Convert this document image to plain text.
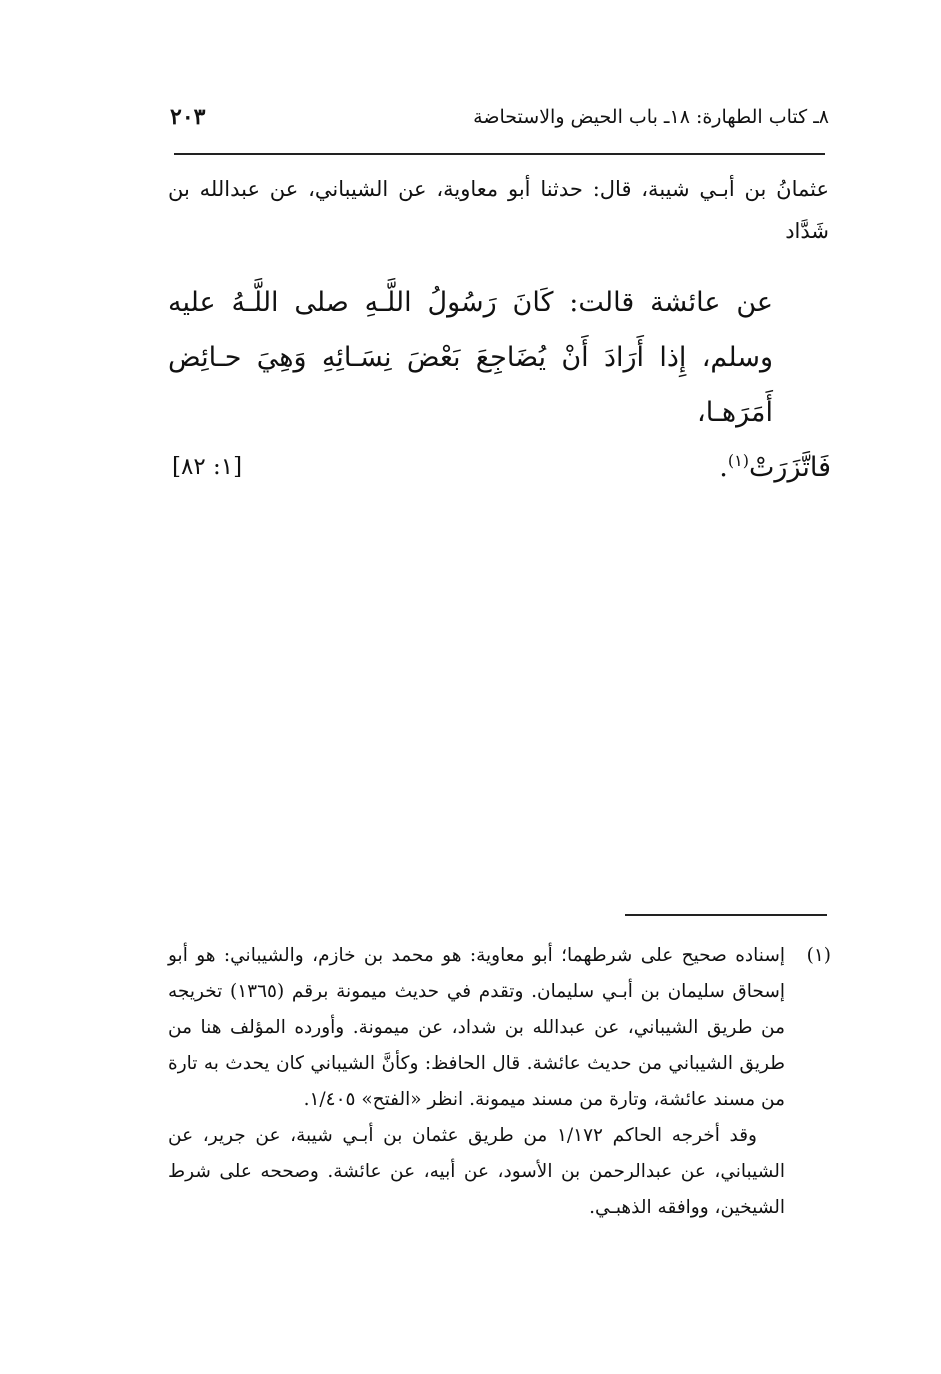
٨ـ كتاب الطهارة: ١٨ـ باب الحيض والاستحاضة
٢٠٣
عثمانُ بن أبـي شيبة، قال: حدثنا أبو معاوية، عن الشيباني، عن عبدالله بن شَدَّاد

عن عائشة قالت: كَانَ رَسُولُ اللَّـهِ صلى اللَّـهُ عليه وسلم، إِذا أَرَادَ أَنْ يُضَاجِعَ بَعْضَ نِسَـائِهِ وَهِيَ حـائِض أَمَرَهـا،

فَاتَّزَرَتْ$^{(١)}$.
[١: ٨٢]
(١)

إسناده صحيح على شرطهما؛ أبو معاوية: هو محمد بن خازم، والشيباني: هو أبو إسحاق سليمان بن أبـي سليمان. وتقدم في حديث ميمونة برقم (١٣٦٥) تخريجه من طريق الشيباني، عن عبدالله بن شداد، عن ميمونة. وأورده المؤلف هنا من طريق الشيباني من حديث عائشة. قال الحافظ: وكأنَّ الشيباني كان يحدث به تارة من مسند عائشة، وتارة من مسند ميمونة. انظر «الفتح» ١/٤٠٥.

وقد أخرجه الحاكم ١/١٧٢ من طريق عثمان بن أبـي شيبة، عن جرير، عن الشيباني، عن عبدالرحمن بن الأسود، عن أبيه، عن عائشة. وصححه على شرط الشيخين، ووافقه الذهبـي.
